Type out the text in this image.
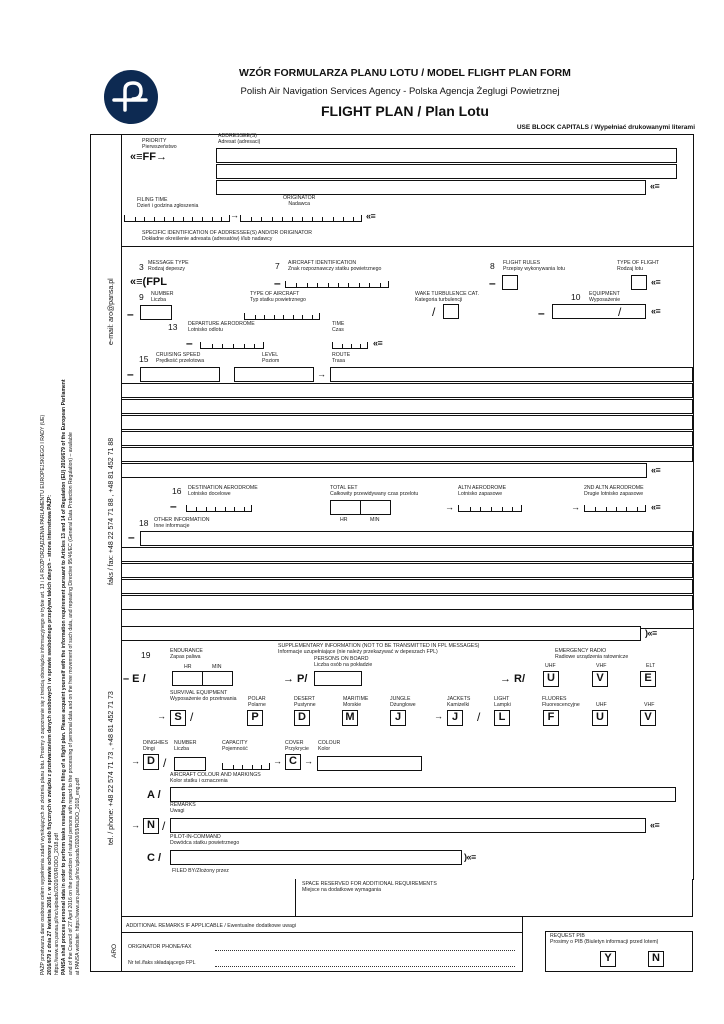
WZÓR FORMULARZA PLANU LOTU / MODEL FLIGHT PLAN FORM
Polish Air Navigation Services Agency - Polska Agencja Żeglugi Powietrznej
FLIGHT PLAN / Plan Lotu
USE BLOCK CAPITALS / Wypełniać drukowanymi literami
PAŻP przetwarza dane osobowe celem wypełnienia zadań wynikających ze złożenia planu lotu. Prosimy o zapoznanie się z treścią obowiązku informacyjnego w trybie art. 13 i 14 ROZPORZĄDZENIA PARLAMENTU EUROPEJSKIEGO I RADY (UE) 2016/679 z dnia 27 kwietnia 2016 r. w sprawie ochrony osób fizycznych w związku z przetwarzaniem danych osobowych i w sprawie swobodnego przepływu takich danych – strona internetowa PAŻP: https://www.aro.pansa.pl/inc/uploads/2020/03/RODO_2018.pdf PANSA shall process personal data in order to perform tasks resulting from the filing of a flight plan. Please acquaint yourself with the information requirement pursuant to Articles 13 and 14 of Regulation (EU) 2016/679 of the European Parliament and of the Council of 27 April 2016 on the protection of natural persons with regard to the processing of personal data and on the free movement of such data, and repealing Directive 95/46/EC (General Data Protection Regulation) – available at PANSA website: https://www.aro.pansa.pl/inc/uploads/2020/03/RODO_2018_eng.pdf
e-mail: aro@pansa.pl
faks / fax: +48 22 574 71 88 , +48 81 452 71 88
tel. / phone: +48 22 574 71 73 , +48 81 452 71 73
ARO
PRIORITY
Pierwszeństwo
«≡FF→
ADDRESSEE(S)
Adresat (adresaci)
«≡
FILING TIME
Dzień i godzina zgłoszenia
→
ORIGINATOR
Nadawca
«≡
SPECIFIC IDENTIFICATION OF ADDRESSEE(S) AND/OR ORIGINATOR
Dokładne określenie adresata (adresatów) i/lub nadawcy
3 MESSAGE TYPE
Rodzaj depeszy
«≡(FPL
7 AIRCRAFT IDENTIFICATION
Znak rozpoznawczy statku powietrznego
–
8 FLIGHT RULES
Przepisy wykonywania lotu
–
TYPE OF FLIGHT
Rodzaj lotu
«≡
9 NUMBER
Liczba
–
TYPE OF AIRCRAFT
Typ statku powietrznego
WAKE TURBULENCE CAT.
Kategoria turbulencji
/
10 EQUIPMENT
Wyposażenie
–	/	«≡
13 DEPARTURE AERODROME
Lotnisko odlotu
–
TIME
Czas
«≡
15 CRUISING SPEED
Prędkość przelotowa
–
LEVEL
Poziom
→
ROUTE
Trasa
«≡
16 DESTINATION AERODROME
Lotnisko docelowe
–
TOTAL EET
Całkowity przewidywany czas przelotu
HR	MIN
→
ALTN AERODROME
Lotnisko zapasowe
→
2ND ALTN AERODROME
Drugie lotnisko zapasowe
«≡
18 OTHER INFORMATION
Inne informacje
–
)«≡
19
SUPPLEMENTARY INFORMATION (NOT TO BE TRANSMITTED IN FPL MESSAGES)
Informacje uzupełniające (nie należy przekazywać w depeszach FPL)
ENDURANCE
Zapas paliwa
HR	MIN
– E /
PERSONS ON BOARD
Liczba osób na pokładzie
→ P/
EMERGENCY RADIO
Radiowe urządzenia ratownicze
→ R/
UHF	VHF	ELT
U	V	E
SURVIVAL EQUIPMENT
Wyposażenie do przetrwania
→ S /
POLAR
Polarne
P
DESERT
Pustynne
D
MARITIME
Morskie
M
JUNGLE
Dżunglowe
J
JACKETS
Kamizelki
→ J	/
LIGHT
Lampki
L
FLUORES
Fluorescencyjne
F
UHF
U
VHF
V
DINGHIES
Dingi
→ D /
NUMBER
Liczba
CAPACITY
Pojemność
COVER
Przykrycie
→ C →
COLOUR
Kolor
AIRCRAFT COLOUR AND MARKINGS
Kolor statku i oznaczenia
A /
REMARKS
Uwagi
→ N /	«≡
PILOT-IN-COMMAND
Dowódca statku powietrznego
C /	)«≡
FILED BY/Złożony przez
SPACE RESERVED FOR ADDITIONAL REQUIREMENTS
Miejsce na dodatkowe wymagania
ADDITIONAL REMARKS IF APPLICABLE / Ewentualne dodatkowe uwagi
ORIGINATOR PHONE/FAX
Nr tel./faks składającego FPL
REQUEST PIB
Prosimy o PIB (Biuletyn informacji przed lotem)
Y	N
